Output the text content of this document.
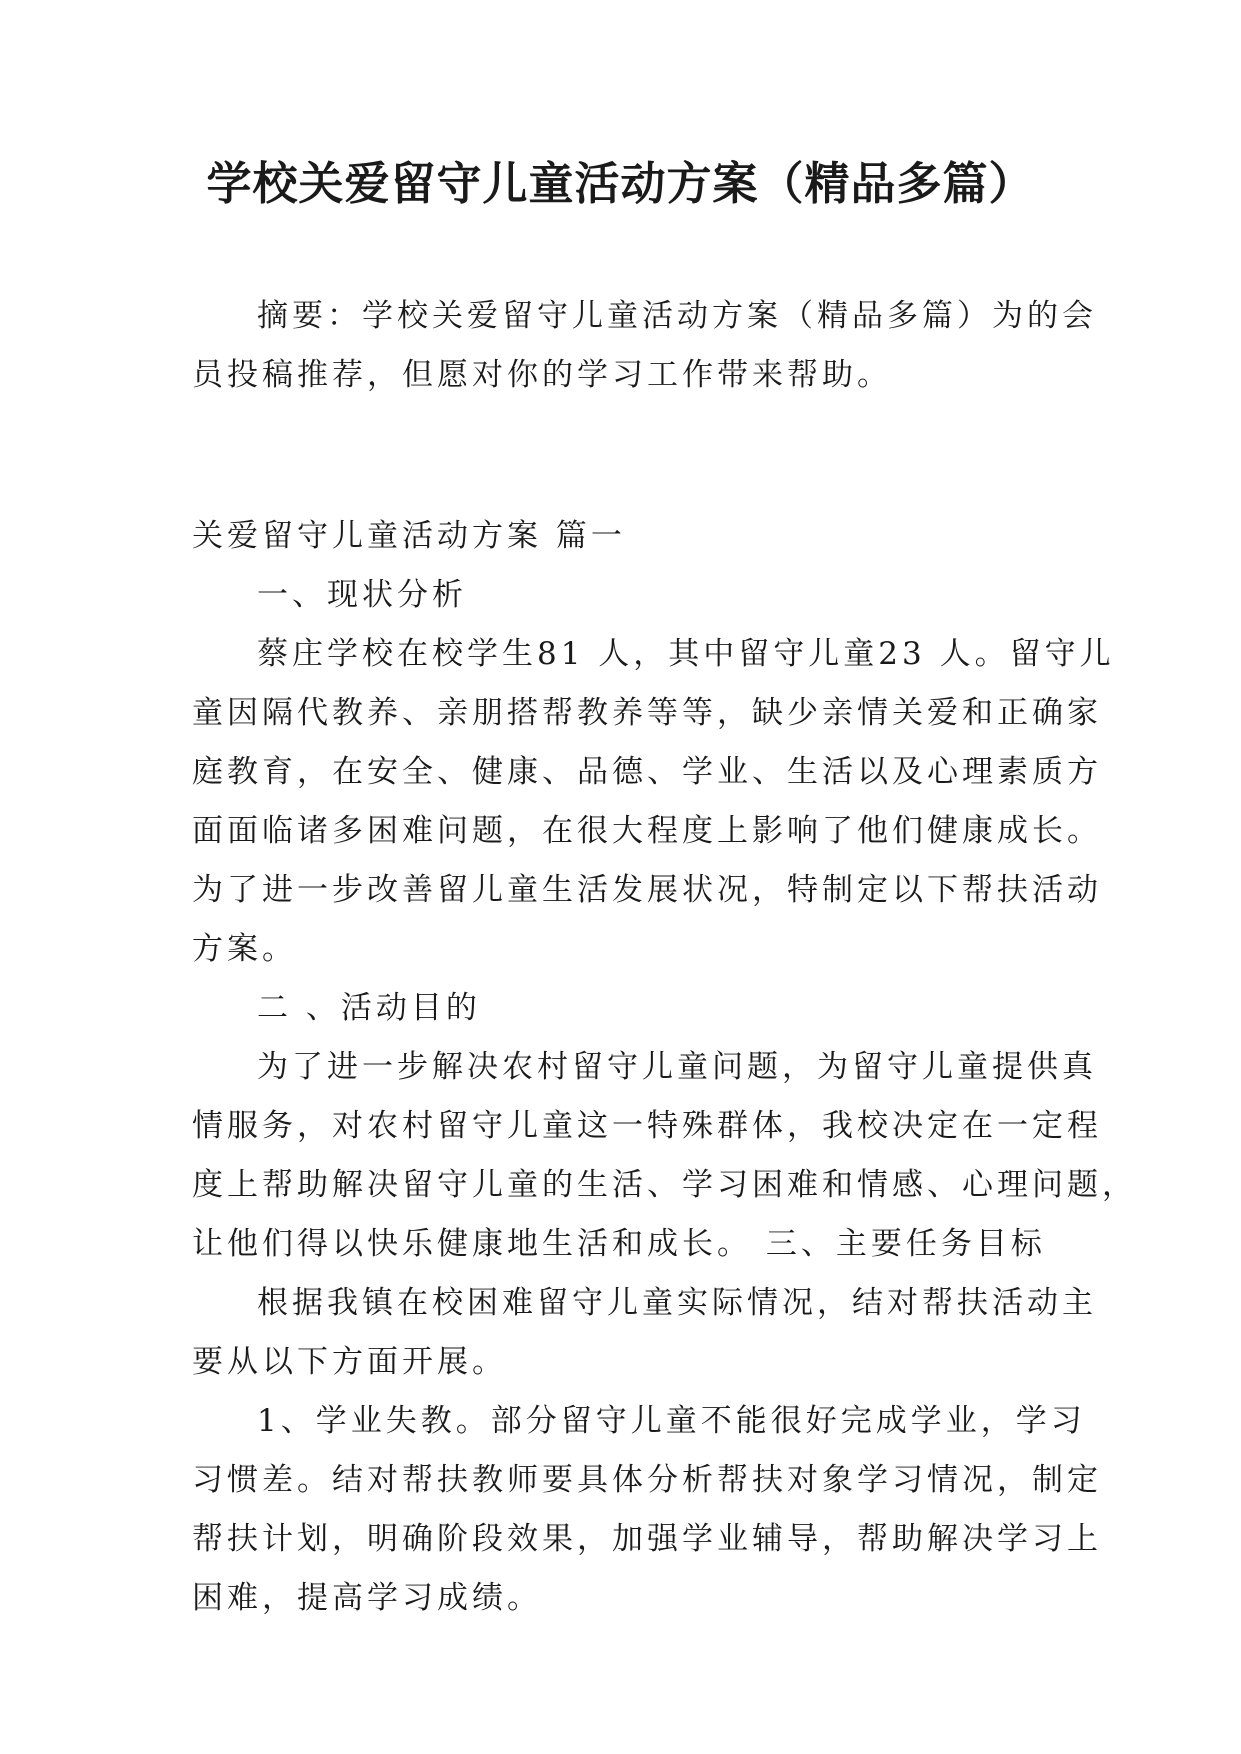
学校关爱留守儿童活动方案（精品多篇）

摘要：学校关爱留守儿童活动方案（精品多篇）为的会

员投稿推荐，但愿对你的学习工作带来帮助。

关爱留守儿童活动方案 篇一

一、现状分析

蔡庄学校在校学生81 人，其中留守儿童23 人。留守儿

童因隔代教养、亲朋搭帮教养等等，缺少亲情关爱和正确家

庭教育，在安全、健康、品德、学业、生活以及心理素质方

面面临诸多困难问题，在很大程度上影响了他们健康成长。

为了进一步改善留儿童生活发展状况，特制定以下帮扶活动

方案。

二 、活动目的

为了进一步解决农村留守儿童问题，为留守儿童提供真

情服务，对农村留守儿童这一特殊群体，我校决定在一定程

度上帮助解决留守儿童的生活、学习困难和情感、心理问题，

让他们得以快乐健康地生活和成长。 三、主要任务目标

根据我镇在校困难留守儿童实际情况，结对帮扶活动主

要从以下方面开展。

1、学业失教。部分留守儿童不能很好完成学业，学习

习惯差。结对帮扶教师要具体分析帮扶对象学习情况，制定

帮扶计划，明确阶段效果，加强学业辅导，帮助解决学习上

困难，提高学习成绩。
